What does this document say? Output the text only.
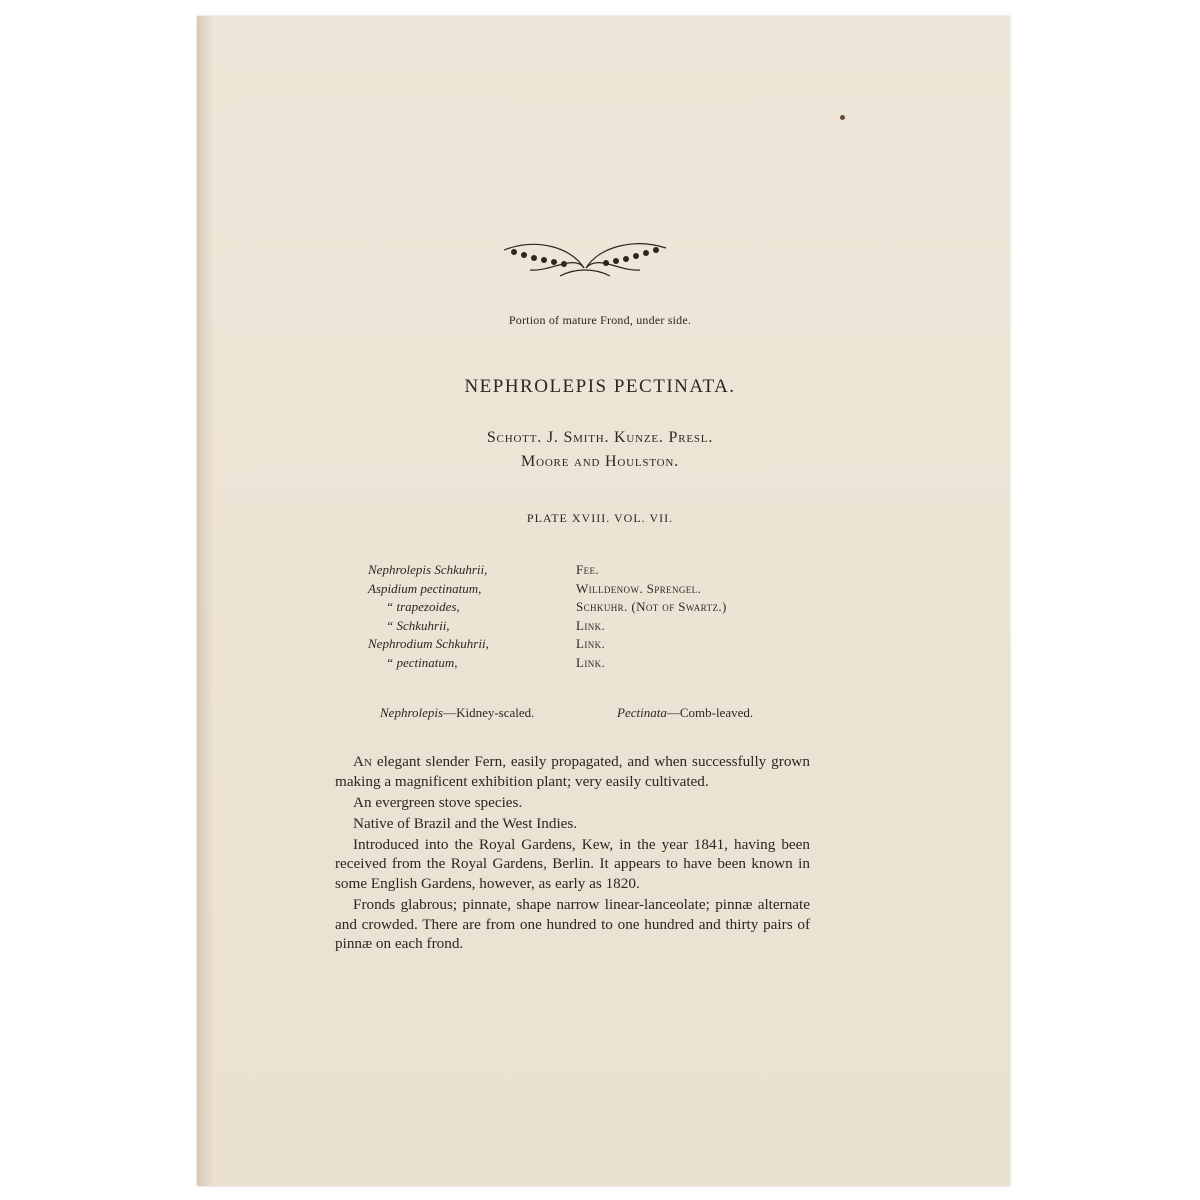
Portion of mature Frond, under side.
NEPHROLEPIS PECTINATA.
Schott. J. Smith. Kunze. Presl.
Moore and Houlston.
PLATE XVIII. VOL. VII.
Nephrolepis Schkuhrii,	Fee.
Aspidium pectinatum,	Willdenow. Sprengel.
“ trapezoides,	Schkuhr. (Not of Swartz.)
“ Schkuhrii,	Link.
Nephrodium Schkuhrii,	Link.
“ pectinatum,	Link.
Nephrolepis—Kidney-scaled.	Pectinata—Comb-leaved.

An elegant slender Fern, easily propagated, and when successfully grown making a magnificent exhibition plant; very easily cultivated.

An evergreen stove species.

Native of Brazil and the West Indies.

Introduced into the Royal Gardens, Kew, in the year 1841, having been received from the Royal Gardens, Berlin. It appears to have been known in some English Gardens, however, as early as 1820.

Fronds glabrous; pinnate, shape narrow linear-lanceolate; pinnæ alternate and crowded. There are from one hundred to one hundred and thirty pairs of pinnæ on each frond.
